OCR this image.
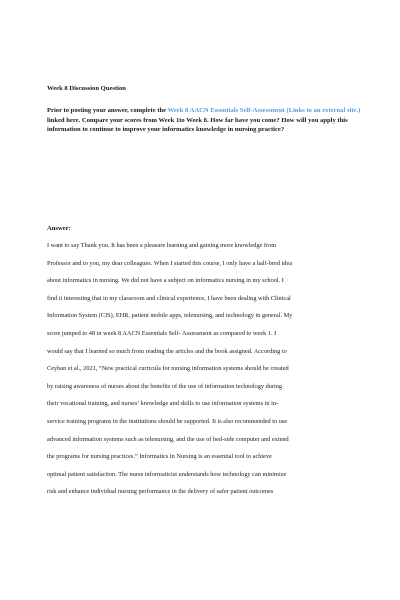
Week 8 Discussion Question
Prior to posting your answer, complete the Week 8 AACN Essentials Self-Assessment (Links to an external site.) linked here. Compare your scores from Week 1to Week 8. How far have you come? How will you apply this information to continue to improve your informatics knowledge in nursing practice?
Answer:
I want to say Thank you. It has been a pleasure learning and gaining more knowledge from
Professor and to you, my dear colleagues. When I started this course, I only have a half-bred idea
about informatics in nursing. We did not have a subject on informatics nursing in my school. I
find it interesting that in my classroom and clinical experience, I have been dealing with Clinical
Information System (CIS), EHR, patient mobile apps, telenursing, and technology in general. My
score jumped to 48 in week 8 AACN Essentials Self- Assessment as compared to week 1. I
would say that I learned so much from reading the articles and the book assigned. According to
Ceyhan et al., 2021, “New practical curricula for nursing information systems should be created
by raising awareness of nurses about the benefits of the use of information technology during
their vocational training, and nurses’ knowledge and skills to use information systems in in-
service training programs in the institutions should be supported. It is also recommended to use
advanced information systems such as telenursing, and the use of bed-side computer and extend
the programs for nursing practices.” Informatics in Nursing is an essential tool to achieve
optimal patient satisfaction. The nurse informaticist understands how technology can minimize
risk and enhance individual nursing performance in the delivery of safer patient outcomes
